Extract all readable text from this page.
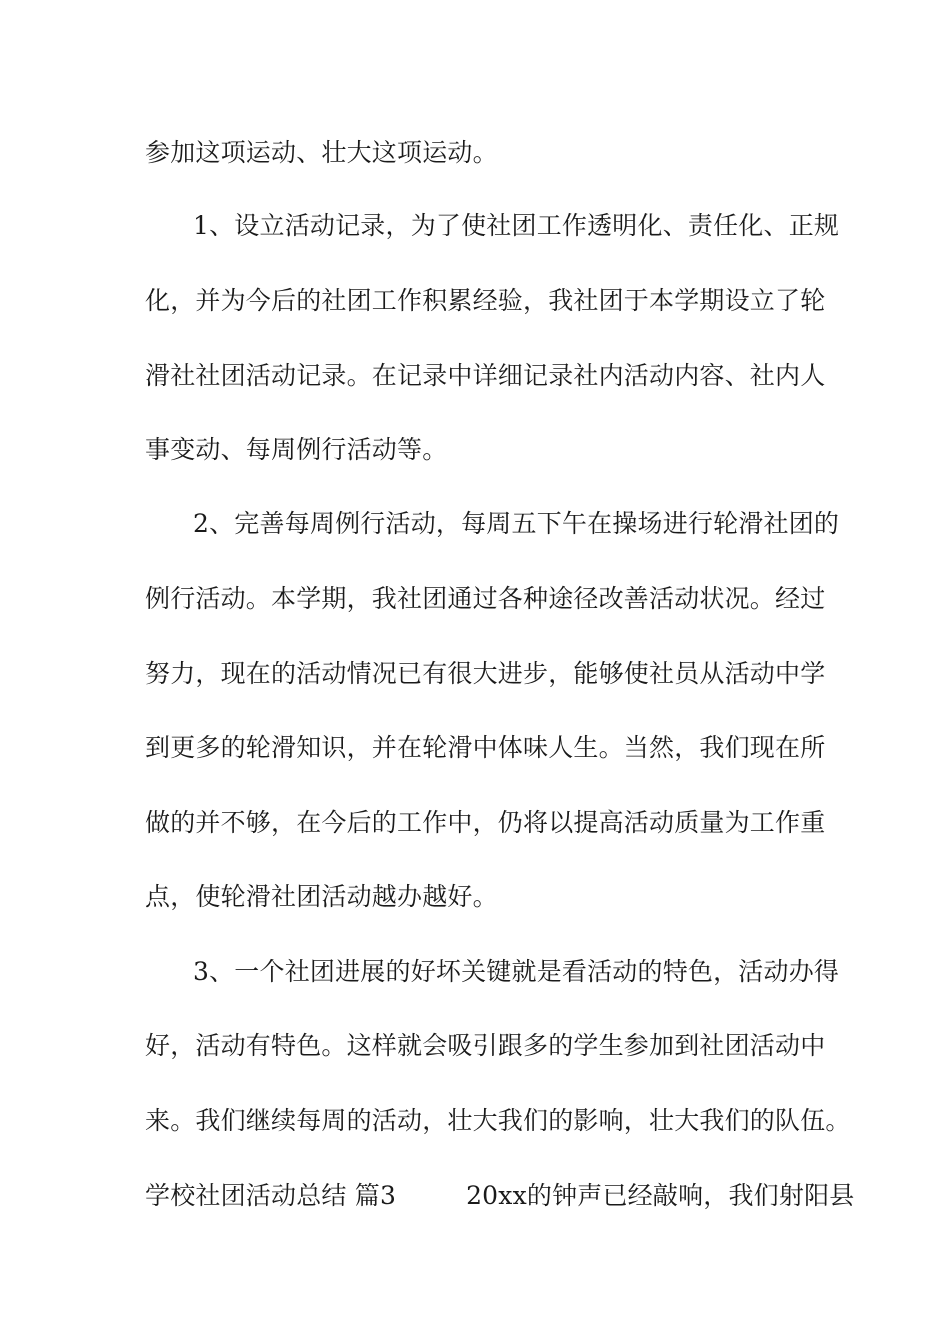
参加这项运动、壮大这项运动。
1、设立活动记录，为了使社团工作透明化、责任化、正规
化，并为今后的社团工作积累经验，我社团于本学期设立了轮
滑社社团活动记录。在记录中详细记录社内活动内容、社内人
事变动、每周例行活动等。
2、完善每周例行活动，每周五下午在操场进行轮滑社团的
例行活动。本学期，我社团通过各种途径改善活动状况。经过
努力，现在的活动情况已有很大进步，能够使社员从活动中学
到更多的轮滑知识，并在轮滑中体味人生。当然，我们现在所
做的并不够，在今后的工作中，仍将以提高活动质量为工作重
点，使轮滑社团活动越办越好。
3、一个社团进展的好坏关键就是看活动的特色，活动办得
好，活动有特色。这样就会吸引跟多的学生参加到社团活动中
来。我们继续每周的活动，壮大我们的影响，壮大我们的队伍。
学校社团活动总结 篇3	20xx的钟声已经敲响，我们射阳县
